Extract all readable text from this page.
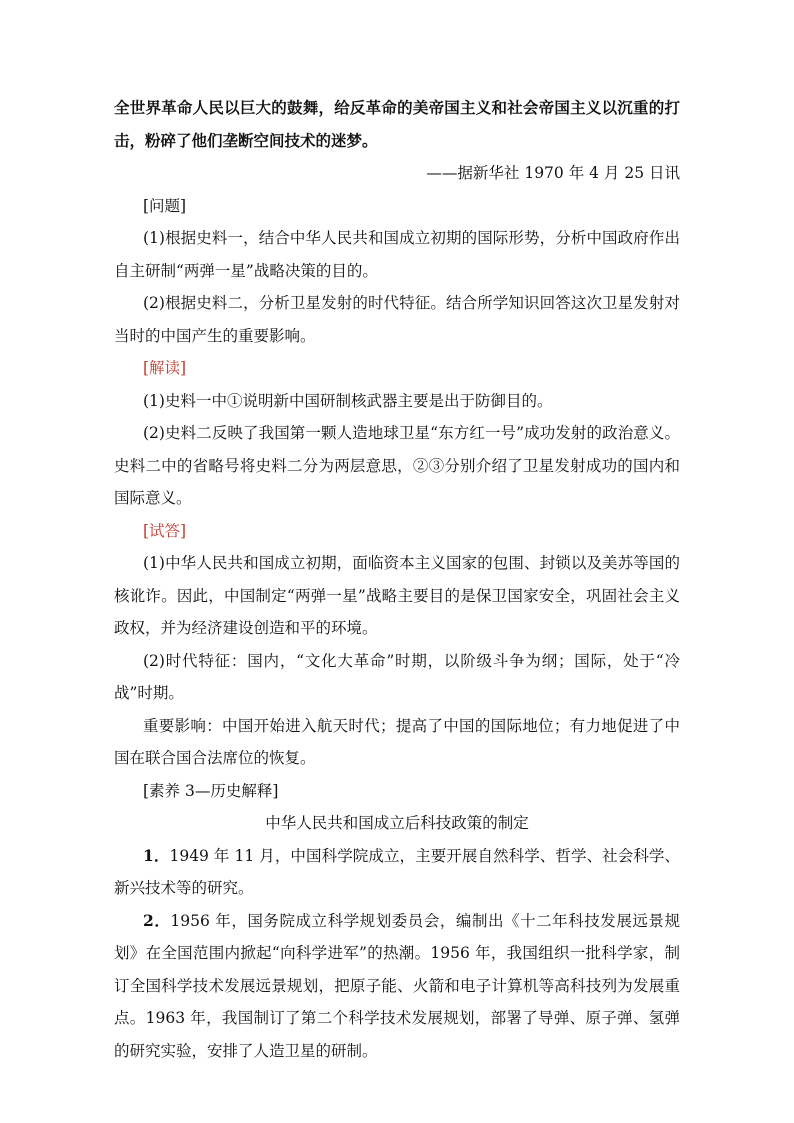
全世界革命人民以巨大的鼓舞，给反革命的美帝国主义和社会帝国主义以沉重的打击，粉碎了他们垄断空间技术的迷梦。

——据新华社 1970 年 4 月 25 日讯

[问题]

(1)根据史料一，结合中华人民共和国成立初期的国际形势，分析中国政府作出自主研制“两弹一星”战略决策的目的。

(2)根据史料二，分析卫星发射的时代特征。结合所学知识回答这次卫星发射对当时的中国产生的重要影响。

[解读]

(1)史料一中①说明新中国研制核武器主要是出于防御目的。

(2)史料二反映了我国第一颗人造地球卫星“东方红一号”成功发射的政治意义。史料二中的省略号将史料二分为两层意思，②③分别介绍了卫星发射成功的国内和国际意义。

[试答]

(1)中华人民共和国成立初期，面临资本主义国家的包围、封锁以及美苏等国的核讹诈。因此，中国制定“两弹一星”战略主要目的是保卫国家安全，巩固社会主义政权，并为经济建设创造和平的环境。

(2)时代特征：国内，“文化大革命”时期，以阶级斗争为纲；国际，处于“冷战”时期。

重要影响：中国开始进入航天时代；提高了中国的国际地位；有力地促进了中国在联合国合法席位的恢复。

[素养 3—历史解释]

中华人民共和国成立后科技政策的制定

1．1949 年 11 月，中国科学院成立，主要开展自然科学、哲学、社会科学、新兴技术等的研究。

2．1956 年，国务院成立科学规划委员会，编制出《十二年科技发展远景规划》在全国范围内掀起“向科学进军”的热潮。1956 年，我国组织一批科学家，制订全国科学技术发展远景规划，把原子能、火箭和电子计算机等高科技列为发展重点。1963 年，我国制订了第二个科学技术发展规划，部署了导弹、原子弹、氢弹的研究实验，安排了人造卫星的研制。
